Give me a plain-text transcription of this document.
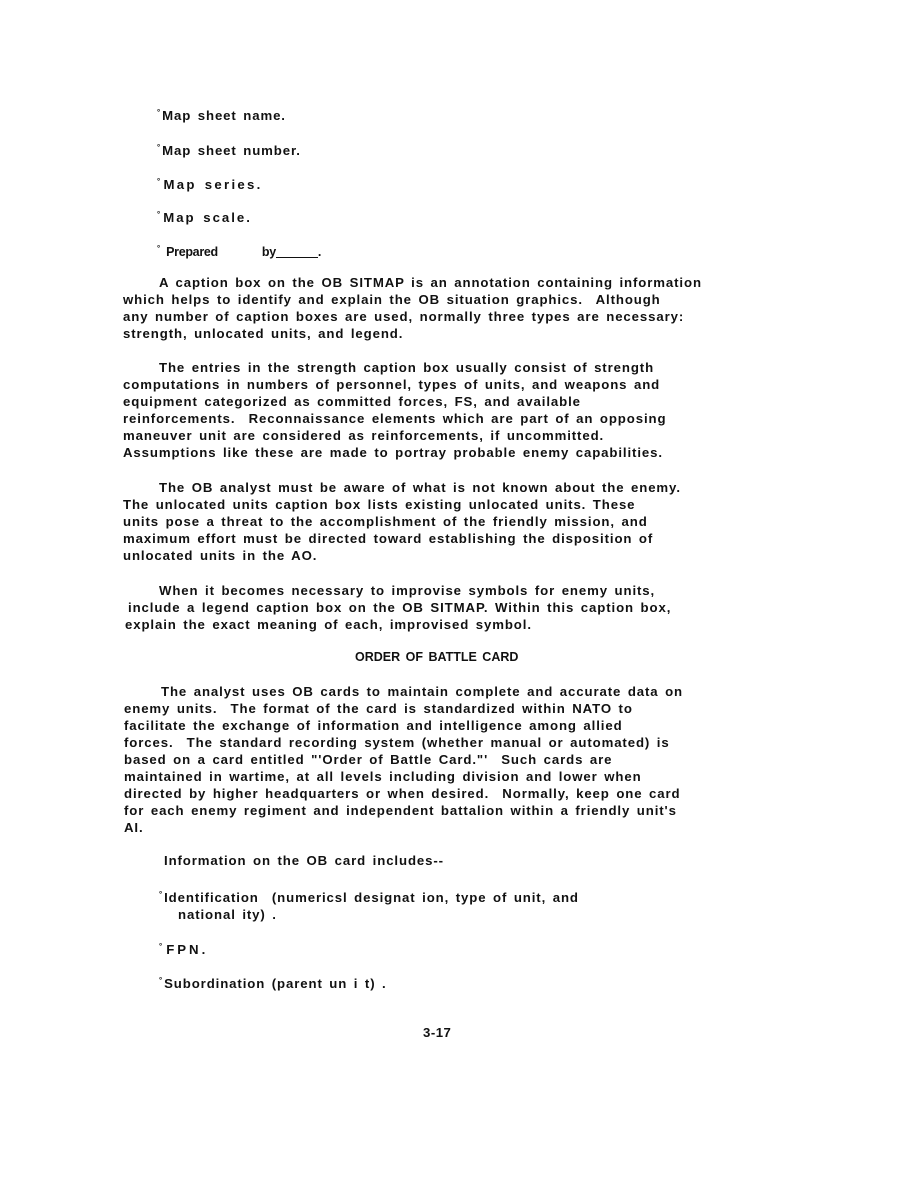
°Map sheet name.
°Map sheet number.
°Map series.
°Map scale.
° Prepared	by	.
A caption box on the OB SITMAP is an annotation containing information
which helps to identify and explain the OB situation graphics.  Although
any number of caption boxes are used, normally three types are necessary:
strength, unlocated units, and legend.
The entries in the strength caption box usually consist of strength
computations in numbers of personnel, types of units, and weapons and
equipment categorized as committed forces, FS, and available
reinforcements.  Reconnaissance elements which are part of an opposing
maneuver unit are considered as reinforcements, if uncommitted.
Assumptions like these are made to portray probable enemy capabilities.
The OB analyst must be aware of what is not known about the enemy.
The unlocated units caption box lists existing unlocated units. These
units pose a threat to the accomplishment of the friendly mission, and
maximum effort must be directed toward establishing the disposition of
unlocated units in the AO.
When it becomes necessary to improvise symbols for enemy units,
include a legend caption box on the OB SITMAP. Within this caption box,
explain the exact meaning of each, improvised symbol.
ORDER OF BATTLE CARD
The analyst uses OB cards to maintain complete and accurate data on
enemy units.  The format of the card is standardized within NATO to
facilitate the exchange of information and intelligence among allied
forces.  The standard recording system (whether manual or automated) is
based on a card entitled "'Order of Battle Card."'  Such cards are
maintained in wartime, at all levels including division and lower when
directed by higher headquarters or when desired.  Normally, keep one card
for each enemy regiment and independent battalion within a friendly unit's
AI.
Information on the OB card includes--
°Identification  (numericsl designat ion, type of unit, and
national ity) .
°FPN.
°Subordination (parent un i t) .
3-17
